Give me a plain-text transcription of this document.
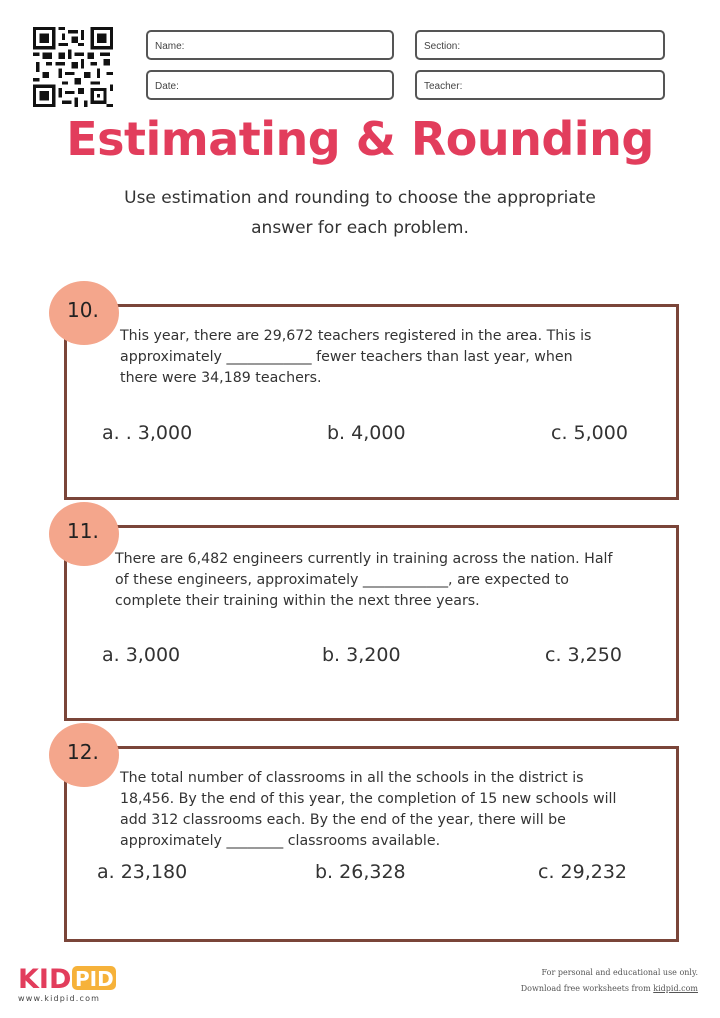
Name:	Section:
Date:	Teacher:
Estimating & Rounding
Use estimation and rounding to choose the appropriate
answer for each problem.
10.
This year, there are 29,672 teachers registered in the area. This is
approximately ____________ fewer teachers than last year, when
there were 34,189 teachers.
a. . 3,000	b. 4,000	c. 5,000
11.
There are 6,482 engineers currently in training across the nation. Half
of these engineers, approximately ____________, are expected to
complete their training within the next three years.
a. 3,000	b. 3,200	c. 3,250
12.
The total number of classrooms in all the schools in the district is
18,456. By the end of this year, the completion of 15 new schools will
add 312 classrooms each. By the end of the year, there will be
approximately ________ classrooms available.
a. 23,180	b. 26,328	c. 29,232
KID PID
www.kidpid.com
For personal and educational use only.
Download free worksheets from kidpid.com
